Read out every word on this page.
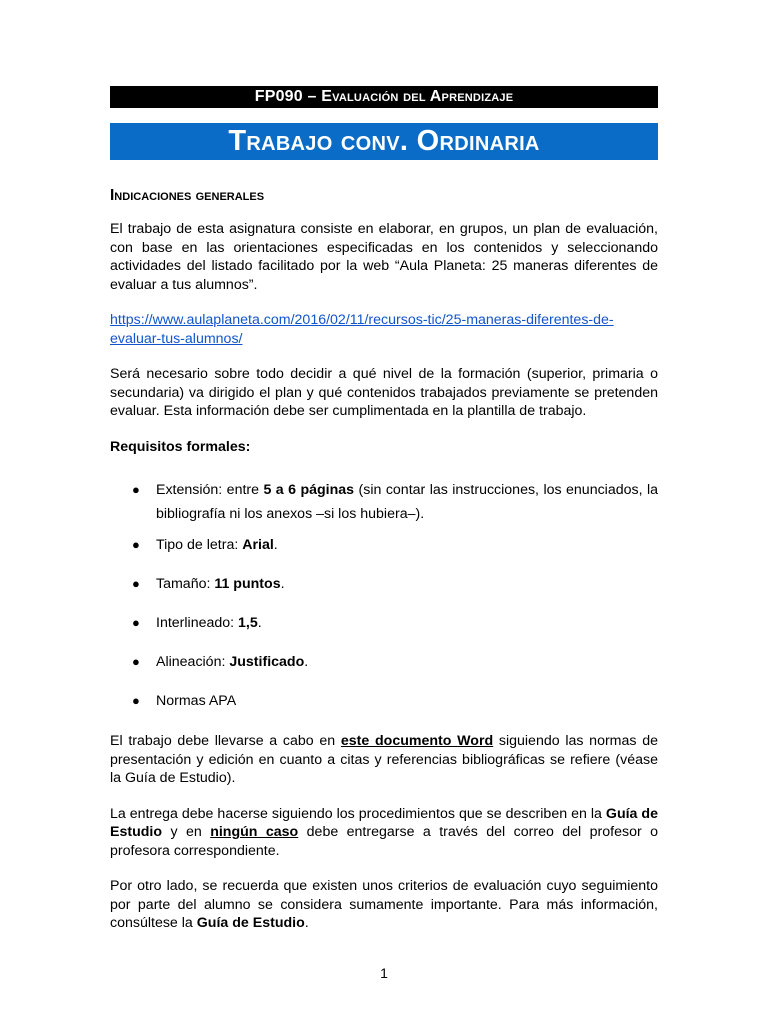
FP090 – Evaluación del Aprendizaje
Trabajo conv. Ordinaria
Indicaciones generales

El trabajo de esta asignatura consiste en elaborar, en grupos, un plan de evaluación, con base en las orientaciones especificadas en los contenidos y seleccionando actividades del listado facilitado por la web “Aula Planeta: 25 maneras diferentes de evaluar a tus alumnos”.

https://www.aulaplaneta.com/2016/02/11/recursos-tic/25-maneras-diferentes-de-evaluar-tus-alumnos/

Será necesario sobre todo decidir a qué nivel de la formación (superior, primaria o secundaria) va dirigido el plan y qué contenidos trabajados previamente se pretenden evaluar. Esta información debe ser cumplimentada en la plantilla de trabajo.

Requisitos formales:

● Extensión: entre 5 a 6 páginas (sin contar las instrucciones, los enunciados, la bibliografía ni los anexos –si los hubiera–).
● Tipo de letra: Arial.
● Tamaño: 11 puntos.
● Interlineado: 1,5.
● Alineación: Justificado.
● Normas APA

El trabajo debe llevarse a cabo en este documento Word siguiendo las normas de presentación y edición en cuanto a citas y referencias bibliográficas se refiere (véase la Guía de Estudio).

La entrega debe hacerse siguiendo los procedimientos que se describen en la Guía de Estudio y en ningún caso debe entregarse a través del correo del profesor o profesora correspondiente.

Por otro lado, se recuerda que existen unos criterios de evaluación cuyo seguimiento por parte del alumno se considera sumamente importante. Para más información, consúltese la Guía de Estudio.

1
